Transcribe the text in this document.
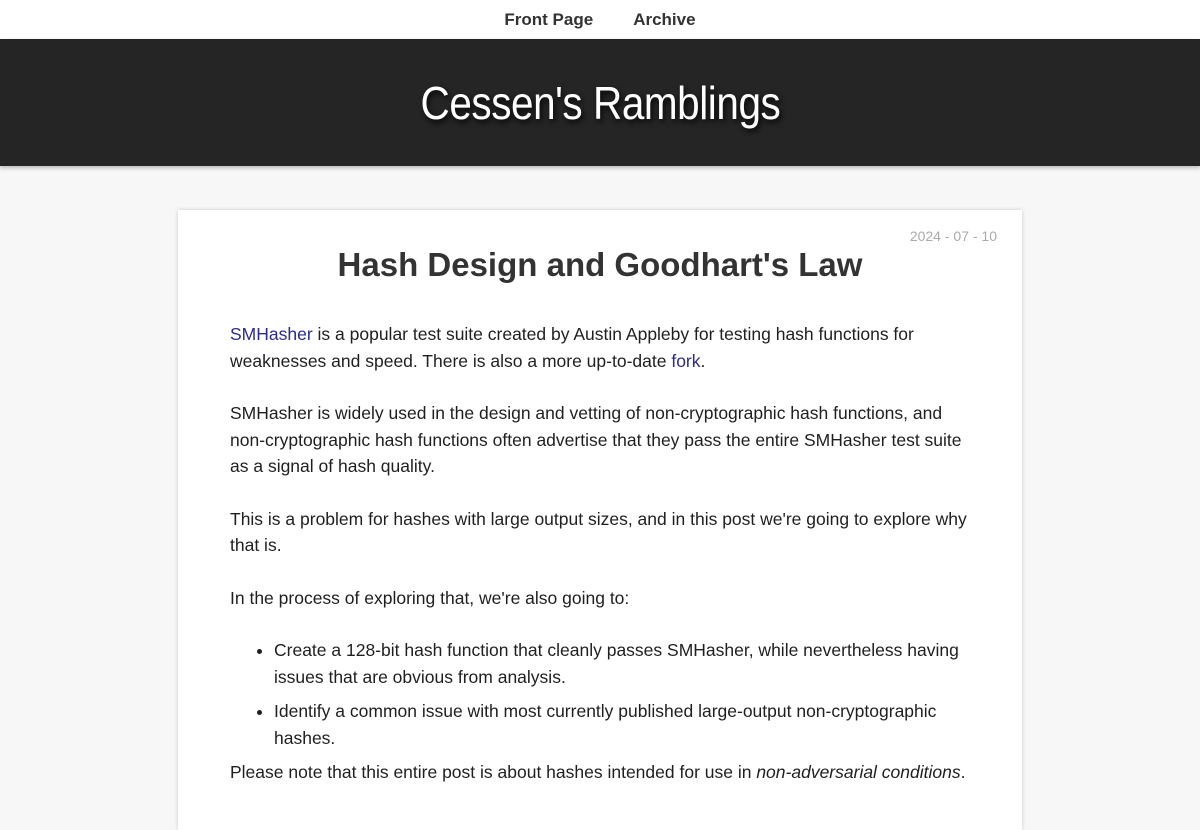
Front Page Archive
Cessen's Ramblings
2024 - 07 - 10
Hash Design and Goodhart's Law

SMHasher is a popular test suite created by Austin Appleby for testing hash functions for weaknesses and speed. There is also a more up-to-date fork.

SMHasher is widely used in the design and vetting of non-cryptographic hash functions, and non-cryptographic hash functions often advertise that they pass the entire SMHasher test suite as a signal of hash quality.

This is a problem for hashes with large output sizes, and in this post we're going to explore why that is.

In the process of exploring that, we're also going to:

• Create a 128-bit hash function that cleanly passes SMHasher, while nevertheless having issues that are obvious from analysis.
• Identify a common issue with most currently published large-output non-cryptographic hashes.

Please note that this entire post is about hashes intended for use in non-adversarial conditions.
